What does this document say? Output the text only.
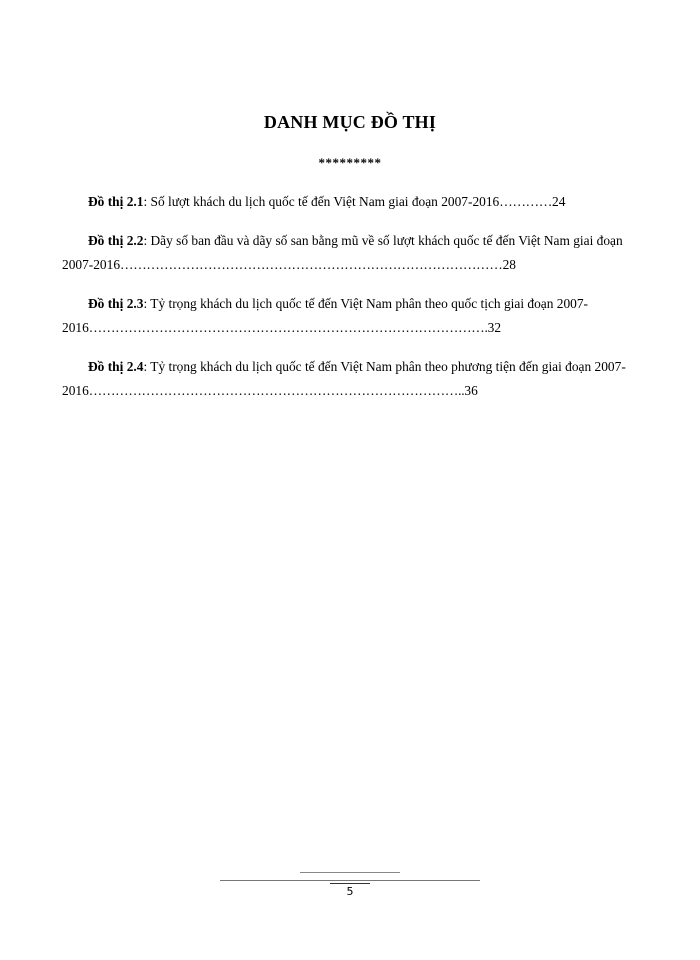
DANH MỤC ĐỒ THỊ
*********

Đồ thị 2.1: Số lượt khách du lịch quốc tế đến Việt Nam giai đoạn 2007-2016…………24

Đồ thị 2.2: Dãy số ban đầu và dãy số san bằng mũ về số lượt khách quốc tế đến Việt Nam giai đoạn 2007-2016……………………………………………………………………………28

Đồ thị 2.3: Tỷ trọng khách du lịch quốc tế đến Việt Nam phân theo quốc tịch giai đoạn 2007-2016……………………………………………………………………………….32

Đồ thị 2.4: Tỷ trọng khách du lịch quốc tế đến Việt Nam phân theo phương tiện đến giai đoạn 2007-2016…………………………………………………………………………..36

5
